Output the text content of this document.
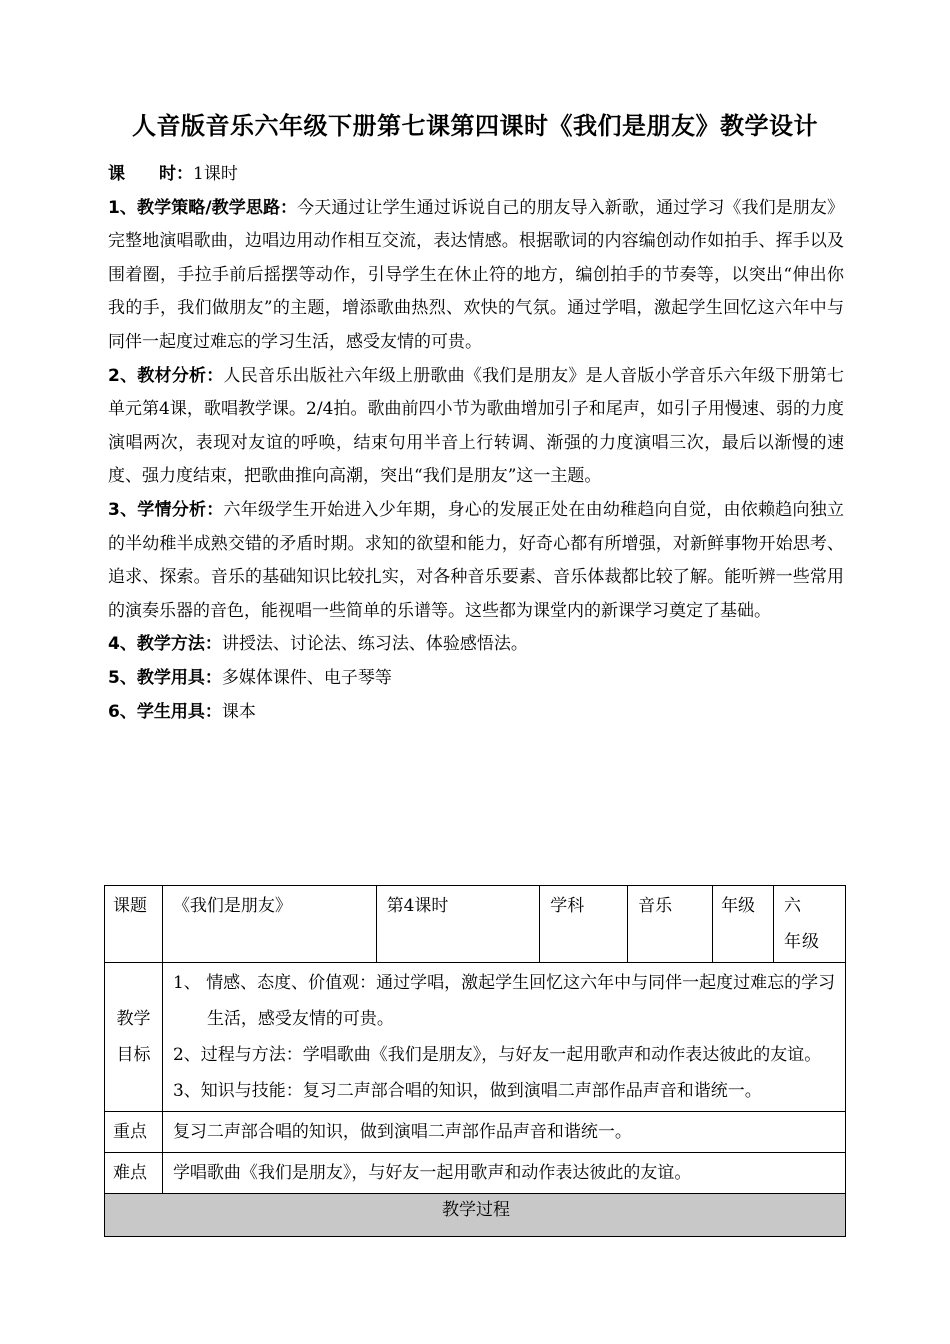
人音版音乐六年级下册第七课第四课时《我们是朋友》教学设计

课　　时：1课时

1、教学策略/教学思路：今天通过让学生通过诉说自己的朋友导入新歌，通过学习《我们是朋友》完整地演唱歌曲，边唱边用动作相互交流，表达情感。根据歌词的内容编创动作如拍手、挥手以及围着圈，手拉手前后摇摆等动作，引导学生在休止符的地方，编创拍手的节奏等，以突出“伸出你我的手，我们做朋友”的主题，增添歌曲热烈、欢快的气氛。通过学唱，激起学生回忆这六年中与同伴一起度过难忘的学习生活，感受友情的可贵。

2、教材分析：人民音乐出版社六年级上册歌曲《我们是朋友》是人音版小学音乐六年级下册第七单元第4课，歌唱教学课。2/4拍。歌曲前四小节为歌曲增加引子和尾声，如引子用慢速、弱的力度演唱两次，表现对友谊的呼唤，结束句用半音上行转调、渐强的力度演唱三次，最后以渐慢的速度、强力度结束，把歌曲推向高潮，突出“我们是朋友”这一主题。

3、学情分析：六年级学生开始进入少年期，身心的发展正处在由幼稚趋向自觉，由依赖趋向独立的半幼稚半成熟交错的矛盾时期。求知的欲望和能力，好奇心都有所增强，对新鲜事物开始思考、追求、探索。音乐的基础知识比较扎实，对各种音乐要素、音乐体裁都比较了解。能听辨一些常用的演奏乐器的音色，能视唱一些简单的乐谱等。这些都为课堂内的新课学习奠定了基础。

4、教学方法：讲授法、讨论法、练习法、体验感悟法。

5、教学用具：多媒体课件、电子琴等

6、学生用具：课本

课题	《我们是朋友》	第4课时	学科	音乐	年级	六　年级
教学目标	1、 情感、态度、价值观：通过学唱，激起学生回忆这六年中与同伴一起度过难忘的学习生活，感受友情的可贵。

2、过程与方法：学唱歌曲《我们是朋友》，与好友一起用歌声和动作表达彼此的友谊。

3、知识与技能：复习二声部合唱的知识，做到演唱二声部作品声音和谐统一。					

重点	复习二声部合唱的知识，做到演唱二声部作品声音和谐统一。					
难点	学唱歌曲《我们是朋友》，与好友一起用歌声和动作表达彼此的友谊。					
教学过程						
